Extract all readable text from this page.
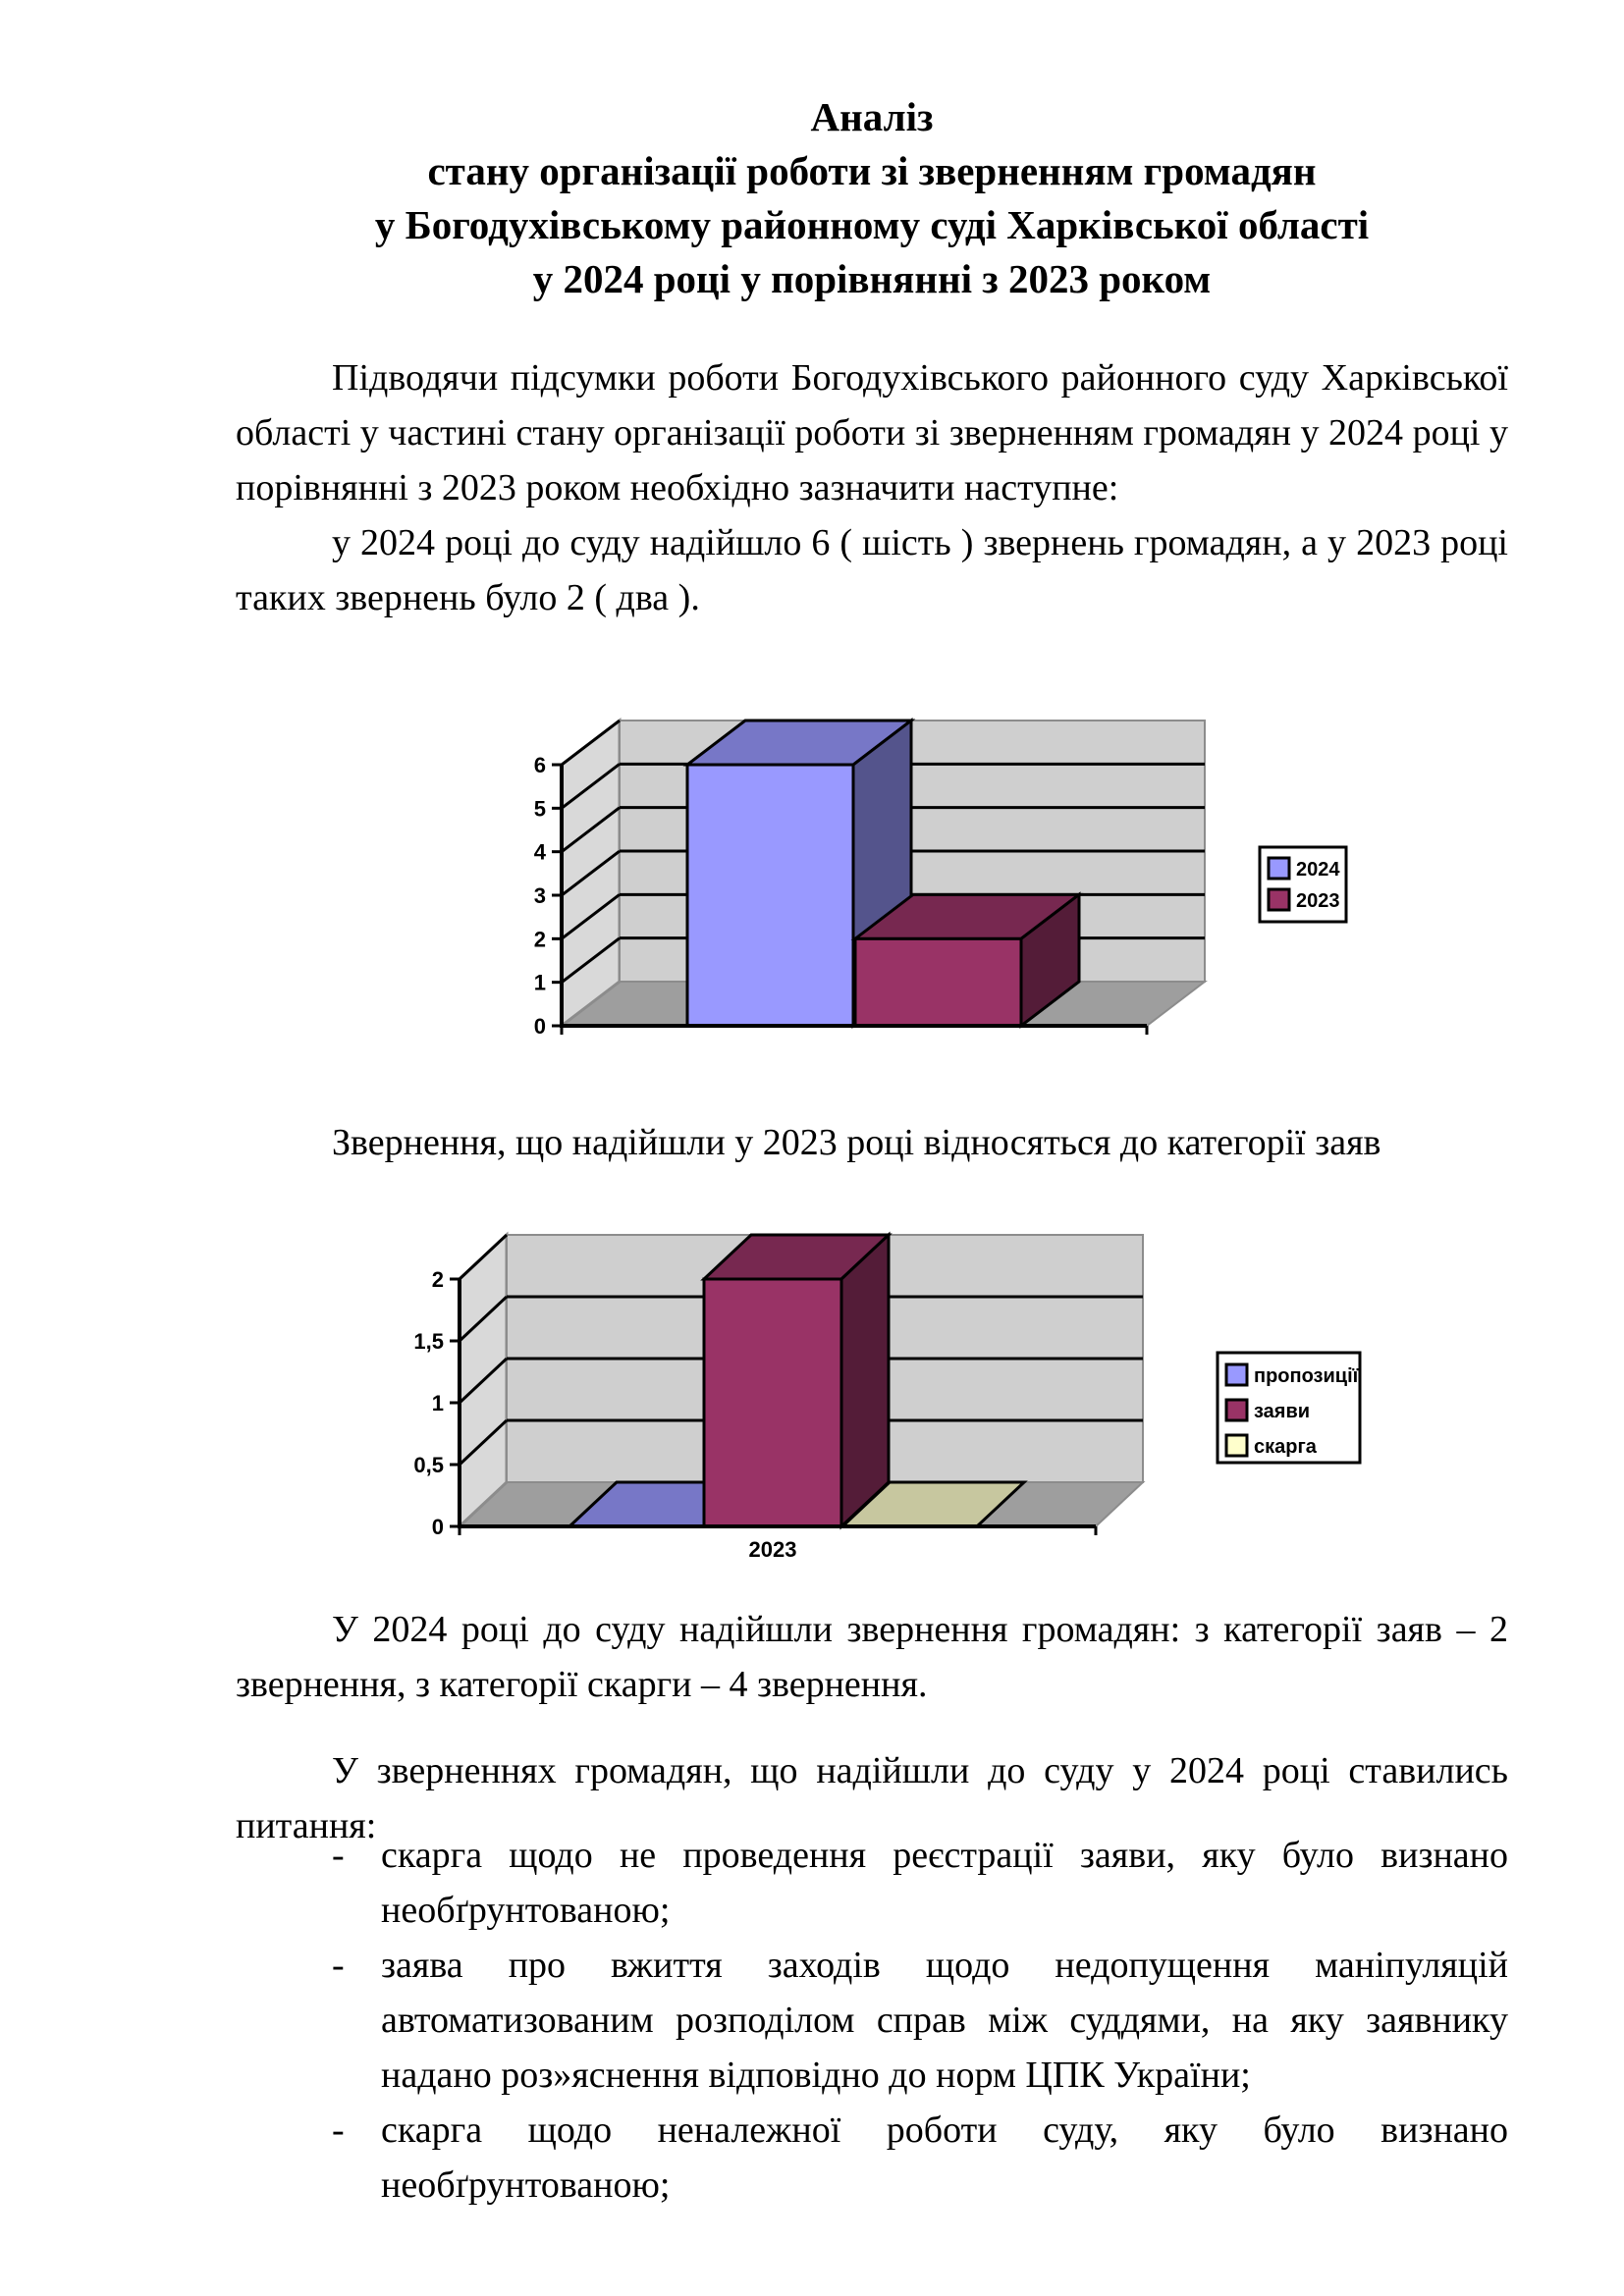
Аналіз
стану організації роботи зі зверненням громадян
у Богодухівському районному суді Харківської області
у 2024 році у порівнянні з 2023 роком

Підводячи підсумки роботи Богодухівського районного суду Харківської області у частині стану організації роботи зі зверненням громадян у 2024 році у порівнянні з 2023 роком необхідно зазначити наступне:

у 2024 році до суду надійшло 6 ( шість ) звернень громадян, а у 2023 році таких звернень було 2 ( два ).

0
1
2
3
4
5
6
2024
2023
Звернення, що надійшли у 2023 році відносяться до категорії заяв
0
0,5
1
1,5
2
2023
пропозиції
заяви
скарга

У 2024 році до суду надійшли звернення громадян: з категорії заяв – 2 звернення, з категорії скарги – 4 звернення.

У зверненнях громадян, що надійшли до суду у 2024 році ставились питання:

- скарга щодо не проведення реєстрації заяви, яку було визнано необґрунтованою;
- заява про вжиття заходів щодо недопущення маніпуляцій автоматизованим розподілом справ між суддями, на яку заявнику надано роз»яснення відповідно до норм ЦПК України;
- скарга щодо неналежної роботи суду, яку було визнано необґрунтованою;
